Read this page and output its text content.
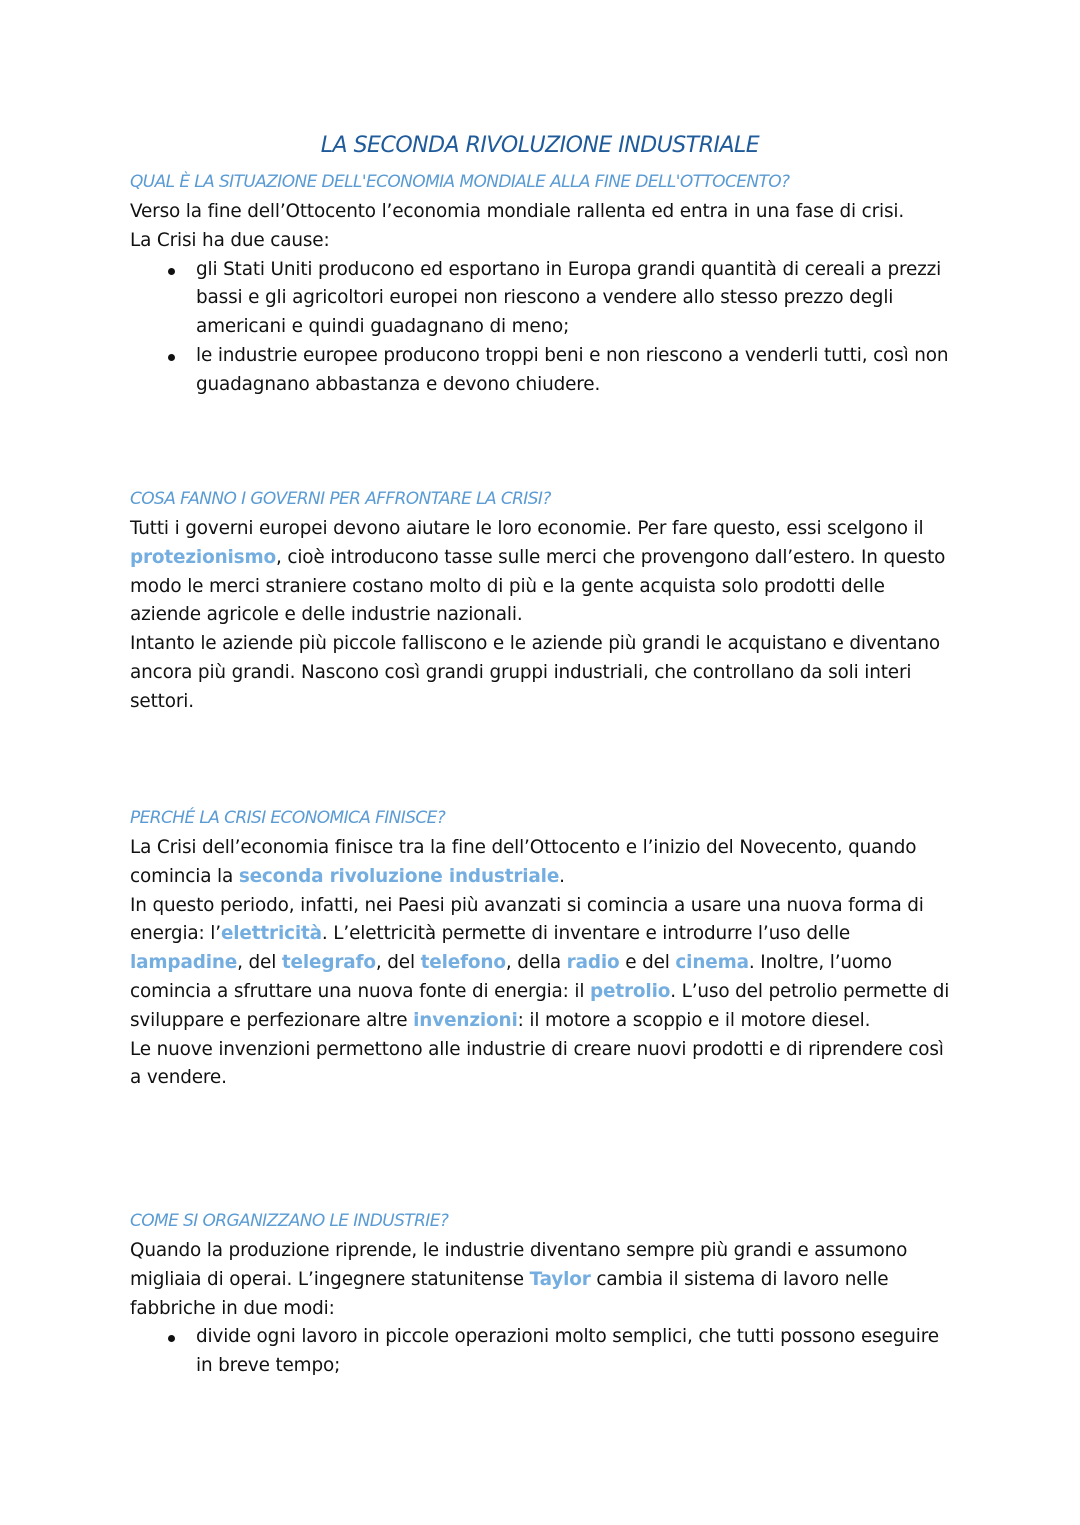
LA SECONDA RIVOLUZIONE INDUSTRIALE

QUAL È LA SITUAZIONE DELL'ECONOMIA MONDIALE ALLA FINE DELL'OTTOCENTO?

Verso la fine dell’Ottocento l’economia mondiale rallenta ed entra in una fase di crisi.

La Crisi ha due cause:

gli Stati Uniti producono ed esportano in Europa grandi quantità di cereali a prezzi bassi e gli agricoltori europei non riescono a vendere allo stesso prezzo degli americani e quindi guadagnano di meno;
le industrie europee producono troppi beni e non riescono a venderli tutti, così non guadagnano abbastanza e devono chiudere.

COSA FANNO I GOVERNI PER AFFRONTARE LA CRISI?

Tutti i governi europei devono aiutare le loro economie. Per fare questo, essi scelgono il protezionismo, cioè introducono tasse sulle merci che provengono dall’estero. In questo modo le merci straniere costano molto di più e la gente acquista solo prodotti delle aziende agricole e delle industrie nazionali.

Intanto le aziende più piccole falliscono e le aziende più grandi le acquistano e diventano ancora più grandi. Nascono così grandi gruppi industriali, che controllano da soli interi settori.

PERCHÉ LA CRISI ECONOMICA FINISCE?

La Crisi dell’economia finisce tra la fine dell’Ottocento e l’inizio del Novecento, quando comincia la seconda rivoluzione industriale.

In questo periodo, infatti, nei Paesi più avanzati si comincia a usare una nuova forma di energia: l’elettricità. L’elettricità permette di inventare e introdurre l’uso delle lampadine, del telegrafo, del telefono, della radio e del cinema. Inoltre, l’uomo comincia a sfruttare una nuova fonte di energia: il petrolio. L’uso del petrolio permette di sviluppare e perfezionare altre invenzioni: il motore a scoppio e il motore diesel.

Le nuove invenzioni permettono alle industrie di creare nuovi prodotti e di riprendere così a vendere.

COME SI ORGANIZZANO LE INDUSTRIE?

Quando la produzione riprende, le industrie diventano sempre più grandi e assumono migliaia di operai. L’ingegnere statunitense Taylor cambia il sistema di lavoro nelle fabbriche in due modi:

divide ogni lavoro in piccole operazioni molto semplici, che tutti possono eseguire in breve tempo;
